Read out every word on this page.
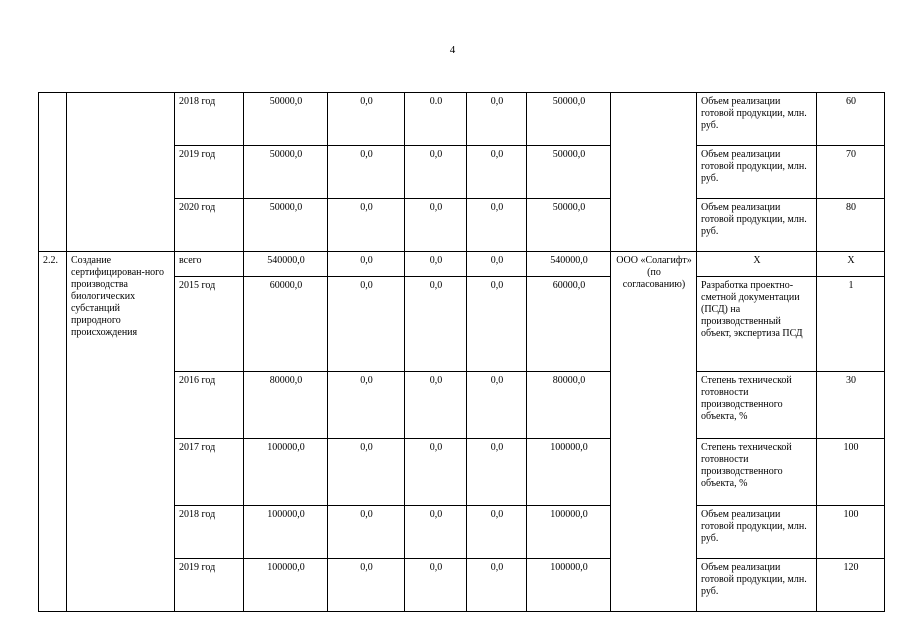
4
		2018 год	50000,0	0,0	0.0	0,0	50000,0		Объем реализации готовой продукции, млн. руб.	60
		2019 год	50000,0	0,0	0,0	0,0	50000,0		Объем реализации готовой продукции, млн. руб.	70
		2020 год	50000,0	0,0	0,0	0,0	50000,0		Объем реализации готовой продукции, млн. руб.	80
2.2.	Создание сертифицирован-ного производства биологических субстанций природного происхождения	всего	540000,0	0,0	0,0	0,0	540000,0	ООО «Солагифт» (по согласованию)	Х	Х
		2015 год	60000,0	0,0	0,0	0,0	60000,0		Разработка проектно-сметной документации (ПСД) на производственный объект, экспертиза ПСД	1
		2016 год	80000,0	0,0	0,0	0,0	80000,0		Степень технической готовности производственного объекта, %	30
		2017 год	100000,0	0,0	0,0	0,0	100000,0		Степень технической готовности производственного объекта, %	100
		2018 год	100000,0	0,0	0,0	0,0	100000,0		Объем реализации готовой продукции, млн. руб.	100
		2019 год	100000,0	0,0	0,0	0,0	100000,0		Объем реализации готовой продукции, млн. руб.	120
